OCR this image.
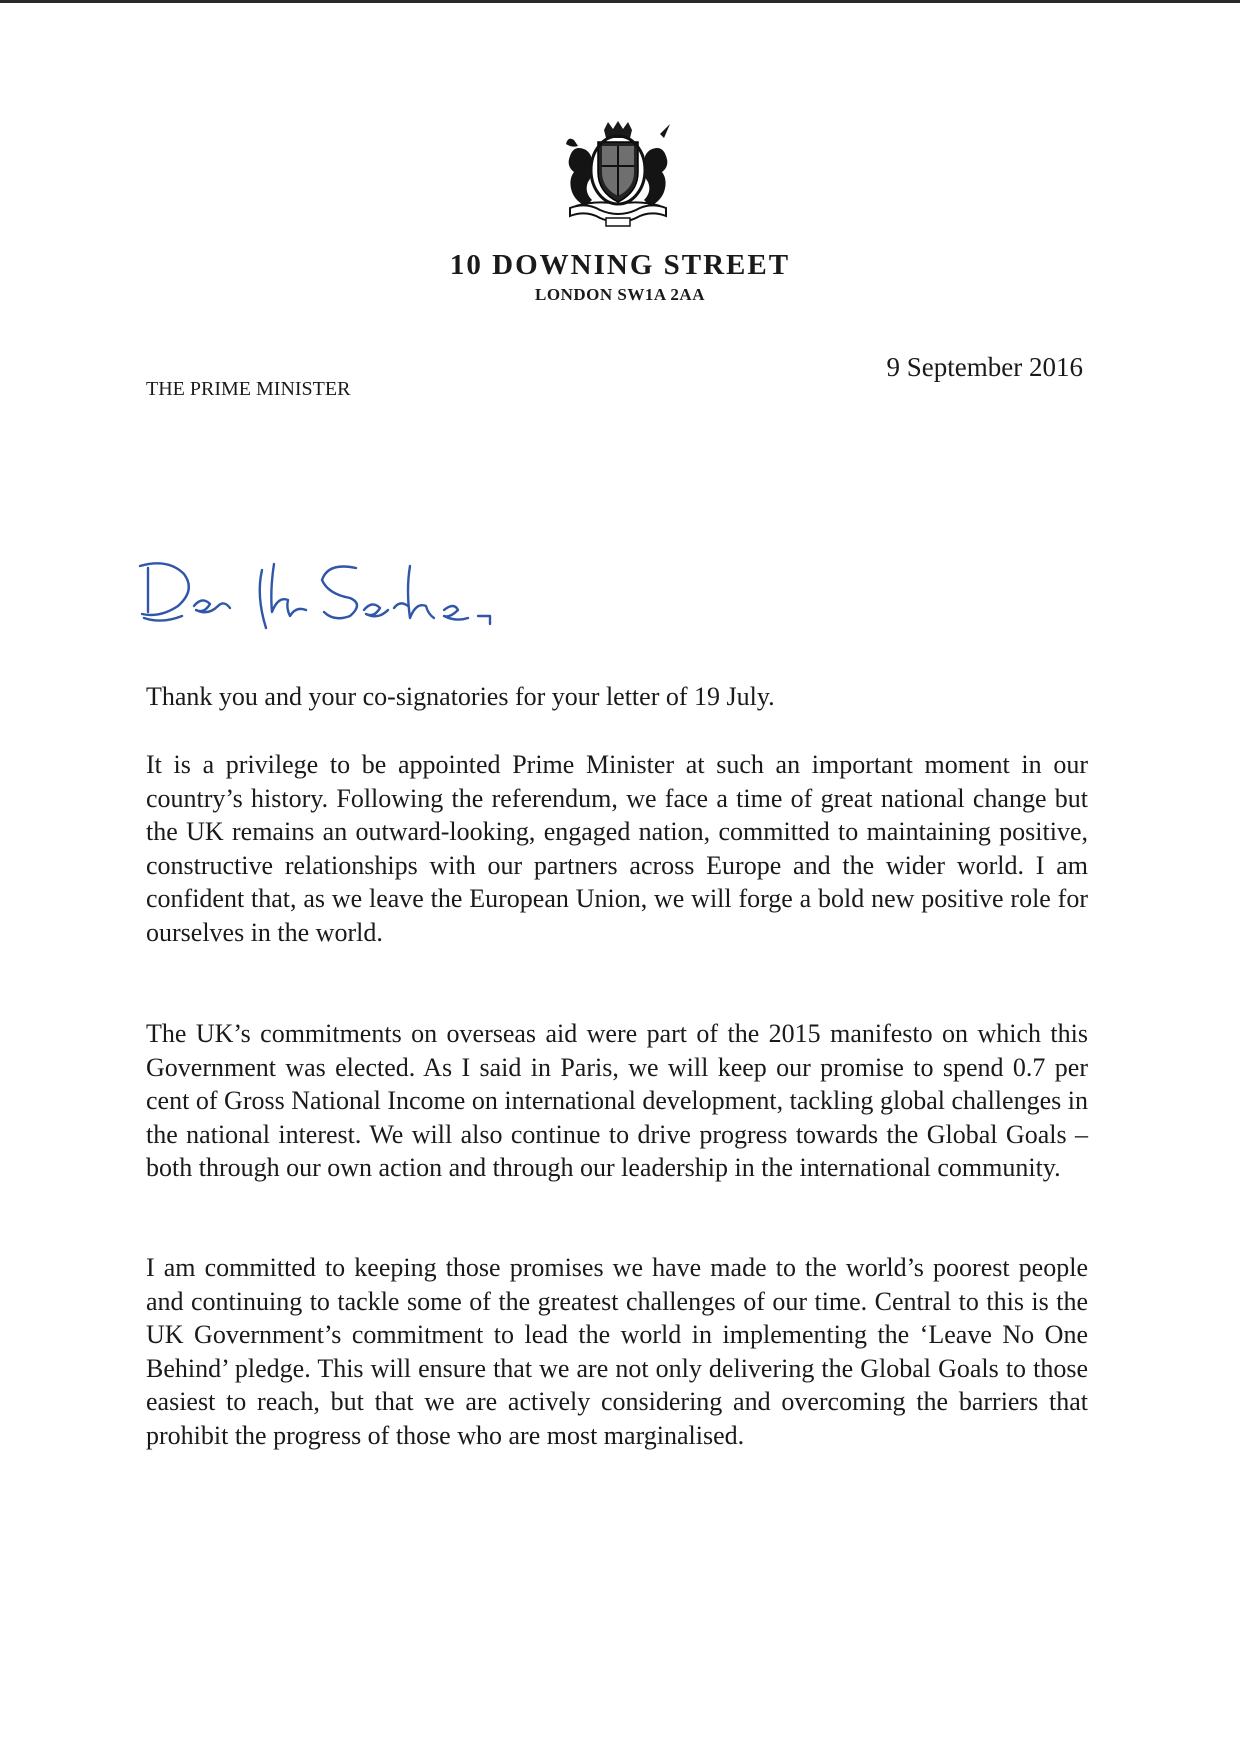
10 DOWNING STREET
LONDON SW1A 2AA
THE PRIME MINISTER
9 September 2016
Thank you and your co-signatories for your letter of 19 July.
It is a privilege to be appointed Prime Minister at such an important moment in our country’s history. Following the referendum, we face a time of great national change but the UK remains an outward-looking, engaged nation, committed to maintaining positive, constructive relationships with our partners across Europe and the wider world. I am confident that, as we leave the European Union, we will forge a bold new positive role for ourselves in the world.
The UK’s commitments on overseas aid were part of the 2015 manifesto on which this Government was elected. As I said in Paris, we will keep our promise to spend 0.7 per cent of Gross National Income on international development, tackling global challenges in the national interest. We will also continue to drive progress towards the Global Goals – both through our own action and through our leadership in the international community.
I am committed to keeping those promises we have made to the world’s poorest people and continuing to tackle some of the greatest challenges of our time. Central to this is the UK Government’s commitment to lead the world in implementing the ‘Leave No One Behind’ pledge. This will ensure that we are not only delivering the Global Goals to those easiest to reach, but that we are actively considering and overcoming the barriers that prohibit the progress of those who are most marginalised.
